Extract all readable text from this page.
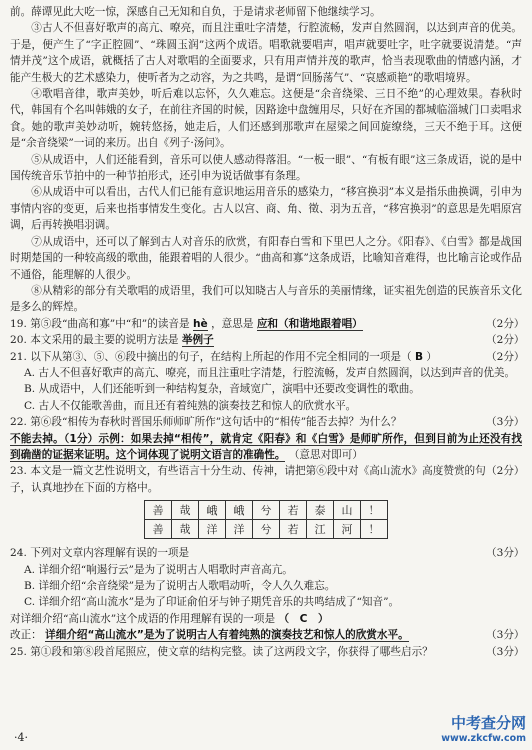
前。薛谭见此大吃一惊，深感自己无知和自负，于是请求老师留下他继续学习。

③古人不但喜好歌声的高亢、嘹亮，而且注重吐字清楚，行腔流畅，发声自然圆润，以达到声音的优美。于是，便产生了“字正腔圆”、“珠圆玉润”这两个成语。唱歌就要唱声，唱声就要吐字，吐字就要说清楚。“声情并茂”这个成语，就概括了古人对歌唱的全面要求，只有用声情并茂的歌声，恰当表现歌曲的情感内涵，才能产生极大的艺术感染力，使听者为之动容，为之共鸣，是谓“回肠荡气”、“哀感顽艳”的歌唱境界。

④歌唱音律，歌声美妙，听后难以忘怀，久久难忘。这便是“余音绕梁、三日不绝”的心理效果。春秋时代，韩国有个名叫韩娥的女子，在前往齐国的时候，因路途中盘缠用尽，只好在齐国的都城临淄城门口卖唱求食。她的歌声美妙动听，婉转悠扬，她走后，人们还感到那歌声在屋梁之间回旋缭绕，三天不绝于耳。这便是“余音绕梁”一词的来历。出自《列子·汤问》。

⑤从成语中，人们还能看到，音乐可以使人感动得落泪。“一板一眼”、“有板有眼”这三条成语，说的是中国传统音乐节拍中的一种节拍形式，还引申为说话做事有条理。

⑥从成语中可以看出，古代人们已能有意识地运用音乐的感染力，“移宫换羽”本义是指乐曲换调，引申为事情内容的变更，后来也指事情发生变化。古人以宫、商、角、徵、羽为五音，“移宫换羽”的意思是先唱原宫调，后再转换唱羽调。

⑦从成语中，还可以了解到古人对音乐的欣赏，有阳春白雪和下里巴人之分。《阳春》、《白雪》都是战国时期楚国的一种较高级的歌曲，能跟着唱的人很少。“曲高和寡”这条成语，比喻知音难得，也比喻言论或作品不通俗，能理解的人很少。

⑧从精彩的部分有关歌唱的成语里，我们可以知晓古人与音乐的美丽情缘，证实祖先创造的民族音乐文化是多么的辉煌。

19. 第⑤段“曲高和寡”中“和”的读音是 hè ，意思是 应和（和谐地跟着唱）	（2分）
20. 本文采用的最主要的说明方法是 举例子	（2分）
21. 以下从第③、⑤、⑥段中摘出的句子，在结构上所起的作用不完全相同的一项是（ B ）	（2分）

A. 古人不但喜好歌声的高亢、嘹亮，而且注重吐字清楚，行腔流畅，发声自然圆润，以达到声音的优美。

B. 从成语中，人们还能听到一种结构复杂，音域宽广，演唱中还要改变调性的歌曲。

C. 古人不仅能歌善曲，而且还有着纯熟的演奏技艺和惊人的欣赏水平。

22. 第⑥段“相传为春秋时晋国乐师师旷所作”这句话中的“相传”能否去掉？为什么？	（3分）

不能去掉。（1分）示例：如果去掉“相传”，就肯定《阳春》和《白雪》是师旷所作，但到目前为止还没有找到确凿的证据来证明。这个词体现了说明文语言的准确性。 （意思对即可）

23. 本文是一篇文艺性说明文，有些语言十分生动、传神，请把第⑥段中对《高山流水》高度赞赏的句子，认真地抄在下面的方格中。
（2分）
善	哉	峨	峨	兮	若	泰	山	！
善	哉	洋	洋	兮	若	江	河	！
24. 下列对文章内容理解有误的一项是	（3分）

A. 详细介绍“响遏行云”是为了说明古人唱歌时声音高亢。

B. 详细介绍“余音绕梁”是为了说明古人歌唱动听，令人久久难忘。

C. 详细介绍“高山流水”是为了印证俞伯牙与钟子期凭音乐的共鸣结成了“知音”。

对详细介绍“高山流水”这个成语的作用理解有误的一项是 （　C　）

改正： 详细介绍“高山流水”是为了说明古人有着纯熟的演奏技艺和惊人的欣赏水平。	（3分）
25. 第①段和第⑧段首尾照应，使文章的结构完整。读了这两段文字，你获得了哪些启示？	（3分）
·4·
中考查分网
www.zkcfw.com
